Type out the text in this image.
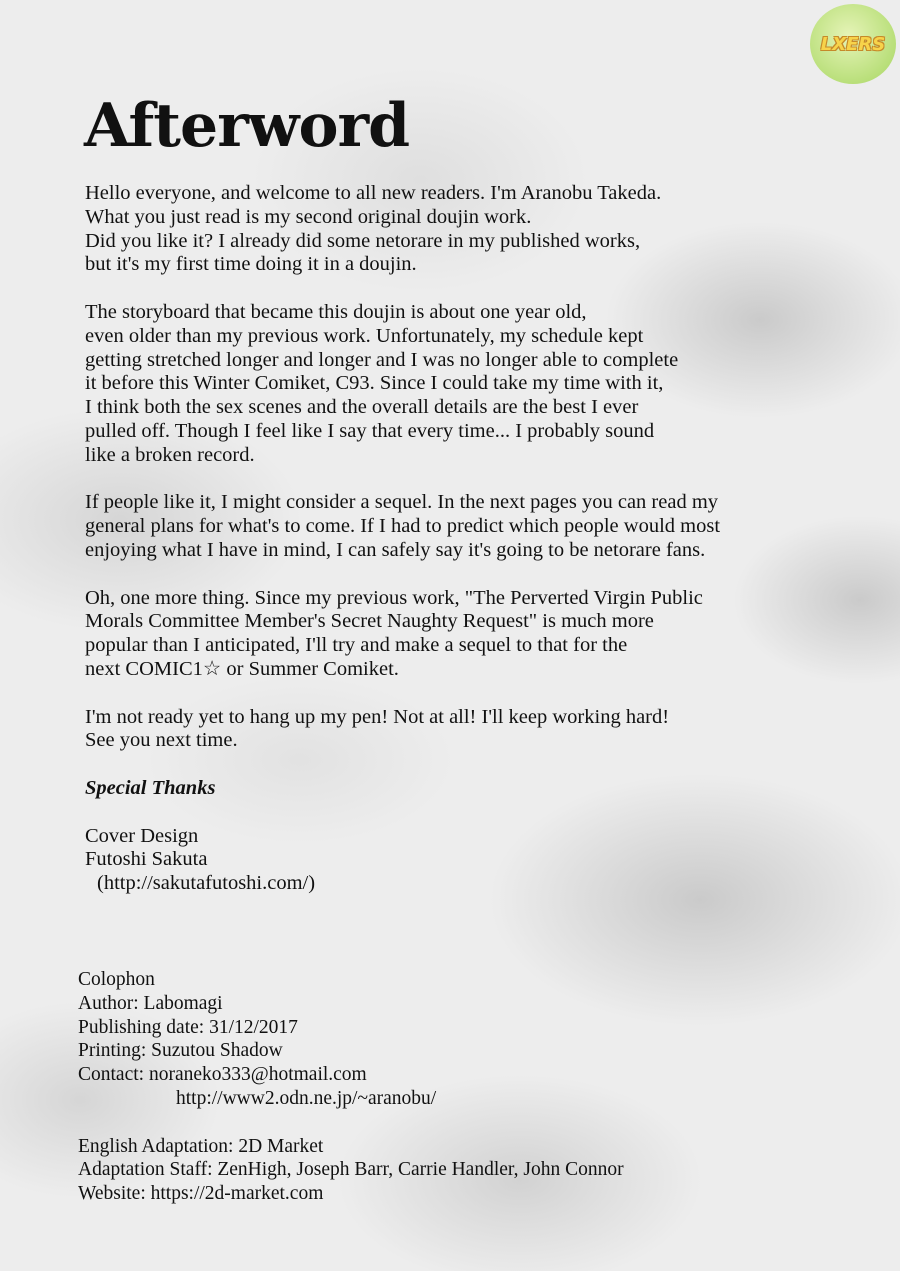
LXERS
Afterword

Hello everyone, and welcome to all new readers. I'm Aranobu Takeda.
What you just read is my second original doujin work.
Did you like it? I already did some netorare in my published works,
but it's my first time doing it in a doujin.

The storyboard that became this doujin is about one year old,
even older than my previous work. Unfortunately, my schedule kept
getting stretched longer and longer and I was no longer able to complete
it before this Winter Comiket, C93. Since I could take my time with it,
I think both the sex scenes and the overall details are the best I ever
pulled off. Though I feel like I say that every time... I probably sound
like a broken record.

If people like it, I might consider a sequel. In the next pages you can read my
general plans for what's to come. If I had to predict which people would most
enjoying what I have in mind, I can safely say it's going to be netorare fans.

Oh, one more thing. Since my previous work, "The Perverted Virgin Public
Morals Committee Member's Secret Naughty Request" is much more
popular than I anticipated, I'll try and make a sequel to that for the
next COMIC1☆ or Summer Comiket.

I'm not ready yet to hang up my pen! Not at all! I'll keep working hard!
See you next time.

Special Thanks

Cover Design
Futoshi Sakuta
(http://sakutafutoshi.com/)

Colophon
Author: Labomagi
Publishing date: 31/12/2017
Printing: Suzutou Shadow
Contact: noraneko333@hotmail.com
http://www2.odn.ne.jp/~aranobu/
English Adaptation: 2D Market
Adaptation Staff: ZenHigh, Joseph Barr, Carrie Handler, John Connor
Website: https://2d-market.com
